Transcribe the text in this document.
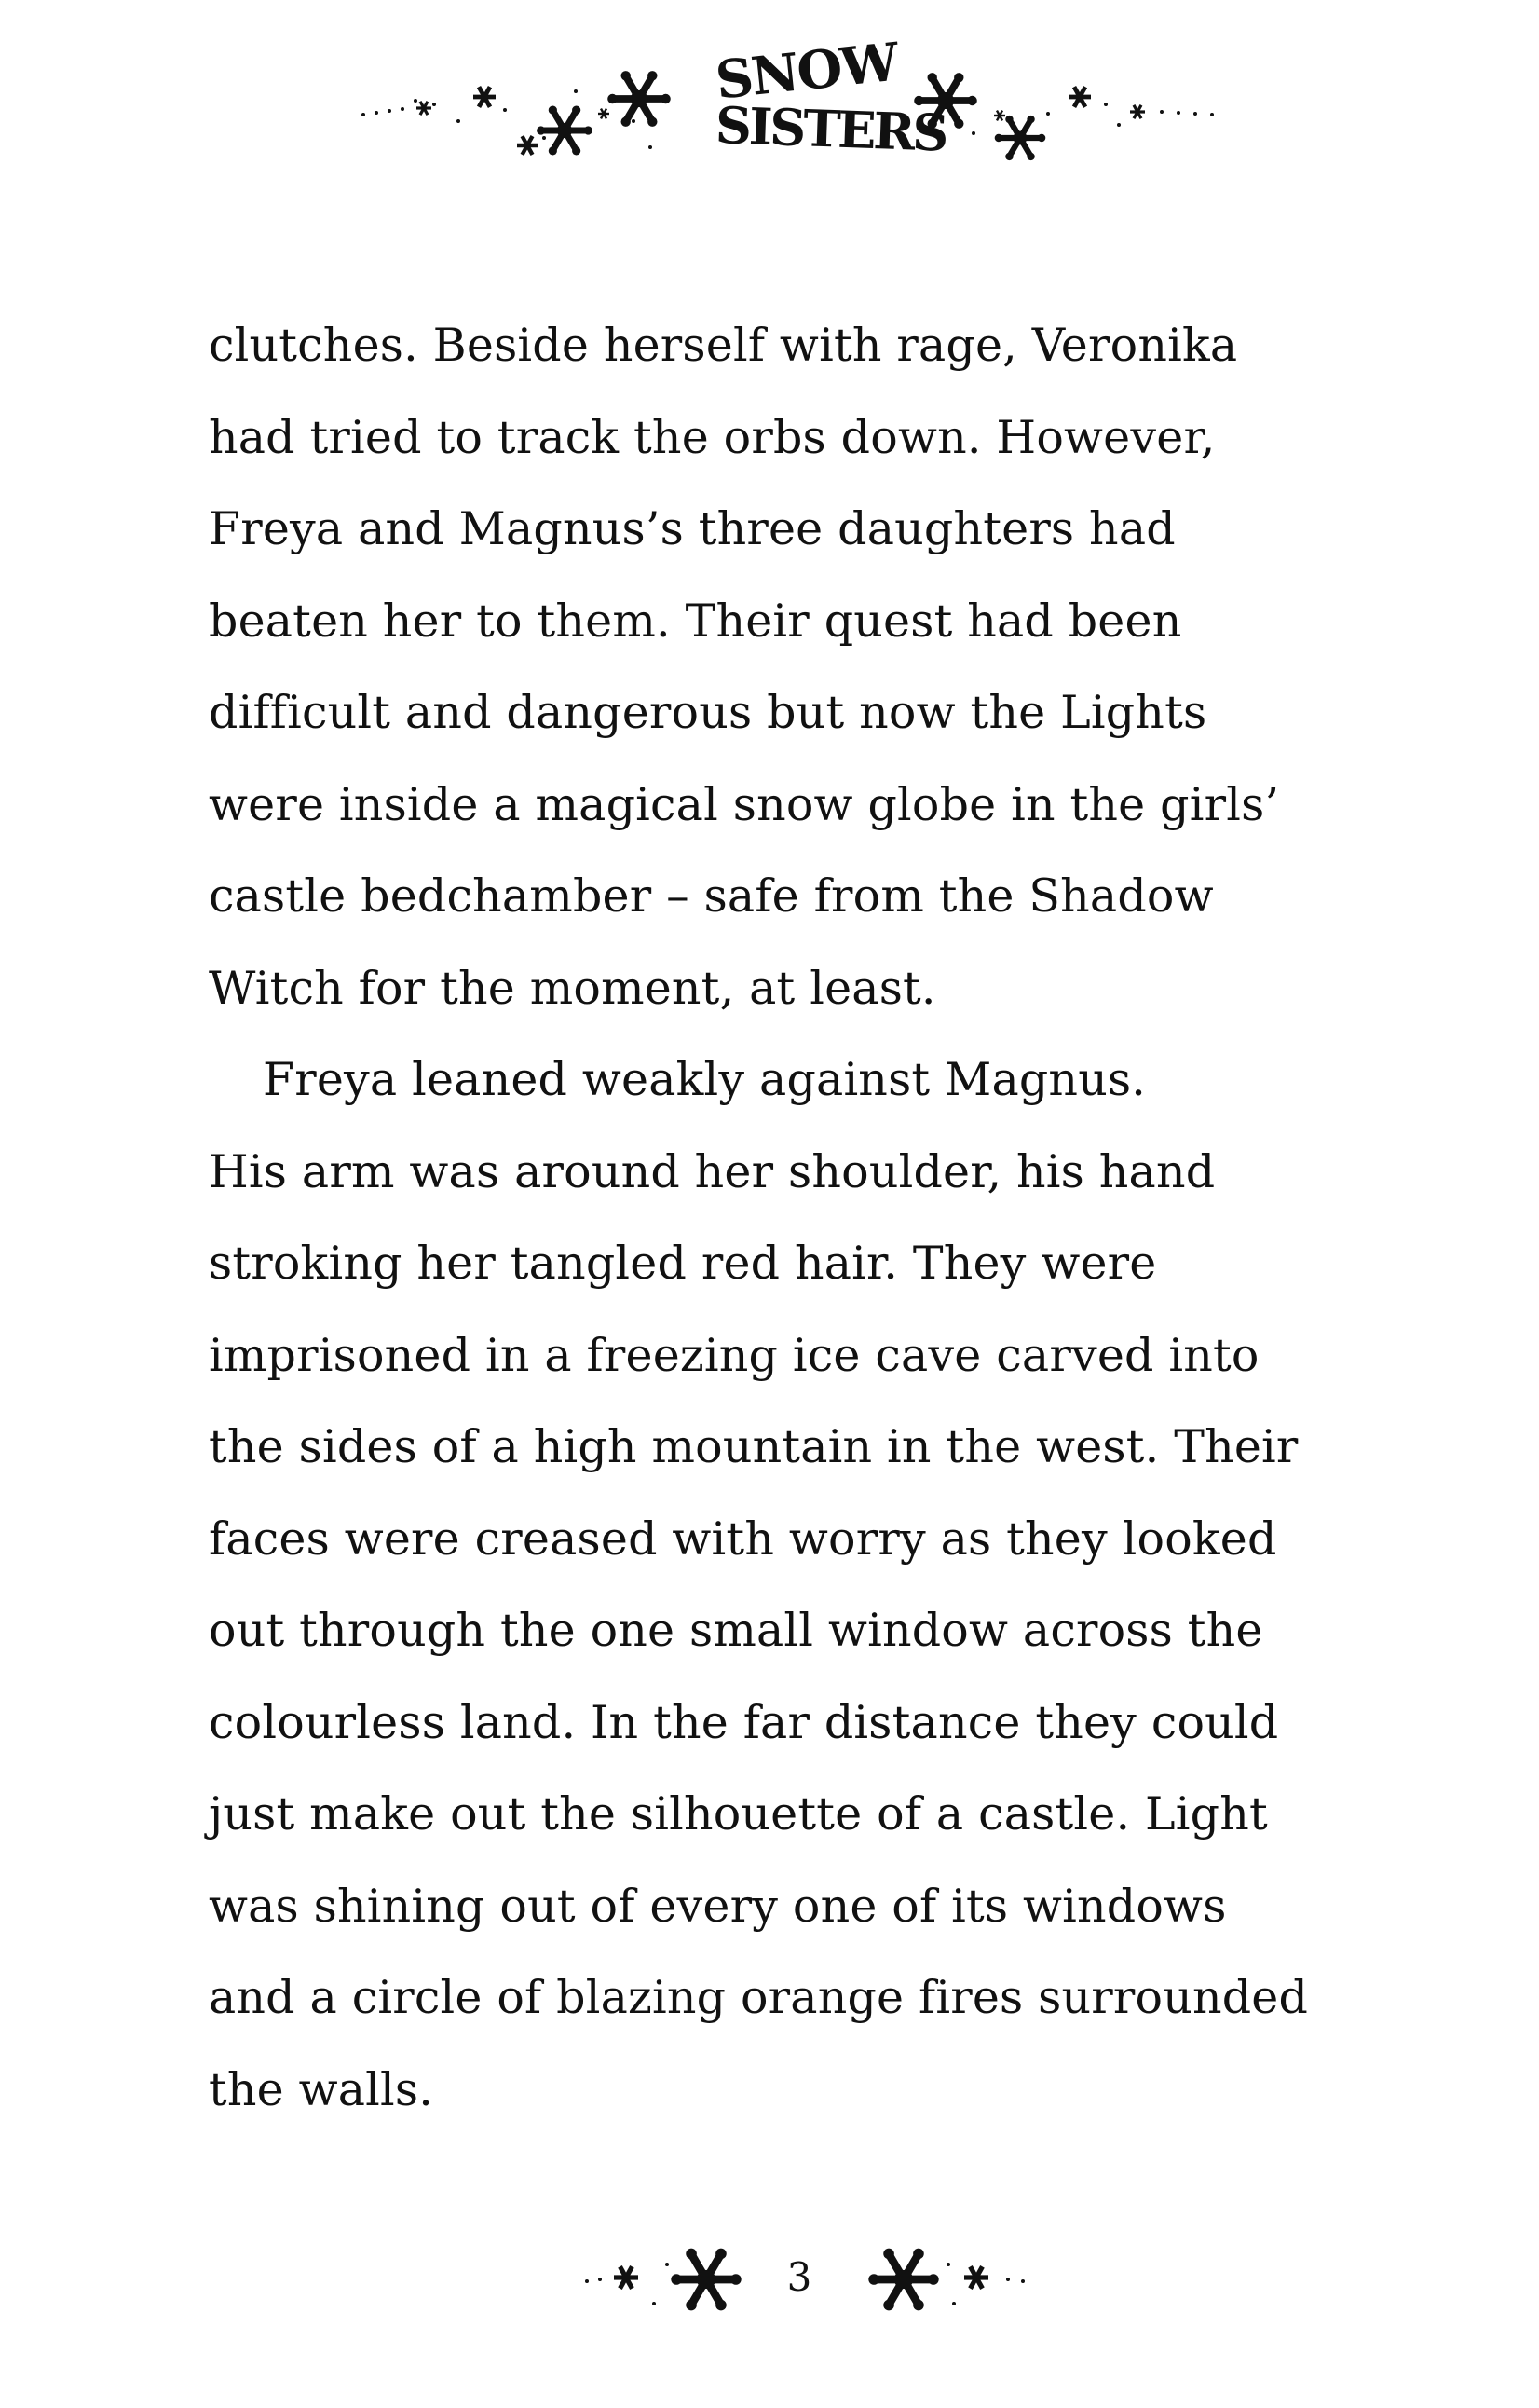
SNOW
SISTERS
clutches. Beside herself with rage, Veronika
had tried to track the orbs down. However,
Freya and Magnus’s three daughters had
beaten her to them. Their quest had been
difficult and dangerous but now the Lights
were inside a magical snow globe in the girls’
castle bedchamber – safe from the Shadow
Witch for the moment, at least.
Freya leaned weakly against Magnus.
His arm was around her shoulder, his hand
stroking her tangled red hair. They were
imprisoned in a freezing ice cave carved into
the sides of a high mountain in the west. Their
faces were creased with worry as they looked
out through the one small window across the
colourless land. In the far distance they could
just make out the silhouette of a castle. Light
was shining out of every one of its windows
and a circle of blazing orange fires surrounded
the walls.
3
